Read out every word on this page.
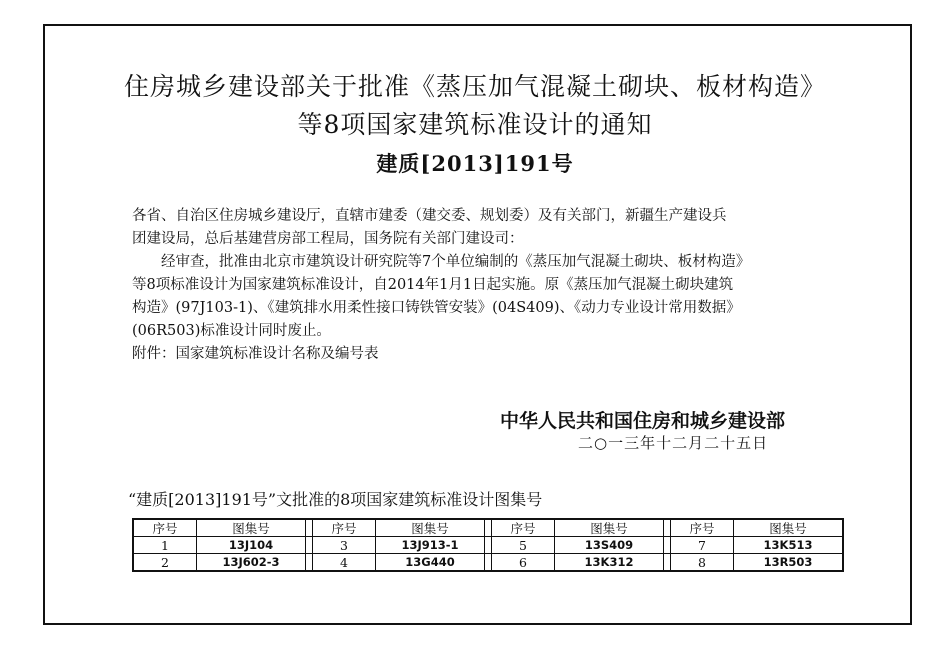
住房城乡建设部关于批准《蒸压加气混凝土砌块、板材构造》
等8项国家建筑标准设计的通知
建质[2013]191号
各省、自治区住房城乡建设厅，直辖市建委（建交委、规划委）及有关部门，新疆生产建设兵
团建设局，总后基建营房部工程局，国务院有关部门建设司：
经审查，批准由北京市建筑设计研究院等7个单位编制的《蒸压加气混凝土砌块、板材构造》
等8项标准设计为国家建筑标准设计，自2014年1月1日起实施。原《蒸压加气混凝土砌块建筑
构造》(97J103-1)、《建筑排水用柔性接口铸铁管安装》(04S409)、《动力专业设计常用数据》
(06R503)标准设计同时废止。
附件：国家建筑标准设计名称及编号表
中华人民共和国住房和城乡建设部
二○一三年十二月二十五日
“建质[2013]191号”文批准的8项国家建筑标准设计图集号
序号	图集号		序号	图集号		序号	图集号		序号	图集号
1	13J104		3	13J913-1		5	13S409		7	13K513
2	13J602-3		4	13G440		6	13K312		8	13R503
